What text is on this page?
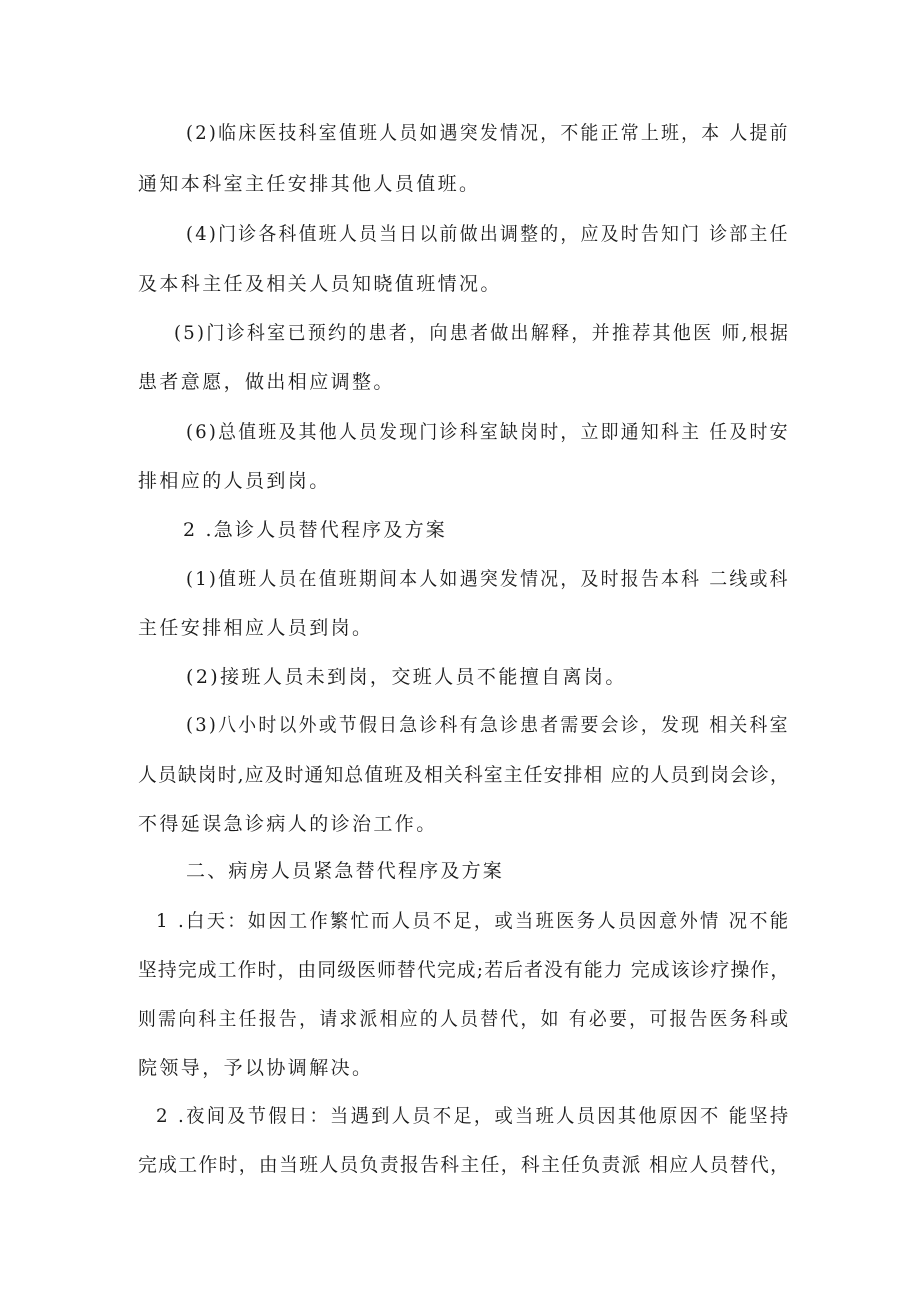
(2)临床医技科室值班人员如遇突发情况，不能正常上班，本 人提前
通知本科室主任安排其他人员值班。
(4)门诊各科值班人员当日以前做出调整的，应及时告知门 诊部主任
及本科主任及相关人员知晓值班情况。
(5)门诊科室已预约的患者，向患者做出解释，并推荐其他医 师,根据
患者意愿，做出相应调整。
(6)总值班及其他人员发现门诊科室缺岗时，立即通知科主 任及时安
排相应的人员到岗。
2 .急诊人员替代程序及方案
(1)值班人员在值班期间本人如遇突发情况，及时报告本科 二线或科
主任安排相应人员到岗。
(2)接班人员未到岗，交班人员不能擅自离岗。
(3)八小时以外或节假日急诊科有急诊患者需要会诊，发现 相关科室
人员缺岗时,应及时通知总值班及相关科室主任安排相 应的人员到岗会诊，
不得延误急诊病人的诊治工作。
二、病房人员紧急替代程序及方案
1 .白天：如因工作繁忙而人员不足，或当班医务人员因意外情 况不能
坚持完成工作时，由同级医师替代完成;若后者没有能力 完成该诊疗操作，
则需向科主任报告，请求派相应的人员替代，如 有必要，可报告医务科或
院领导，予以协调解决。
2 .夜间及节假日：当遇到人员不足，或当班人员因其他原因不 能坚持
完成工作时，由当班人员负责报告科主任，科主任负责派 相应人员替代，
